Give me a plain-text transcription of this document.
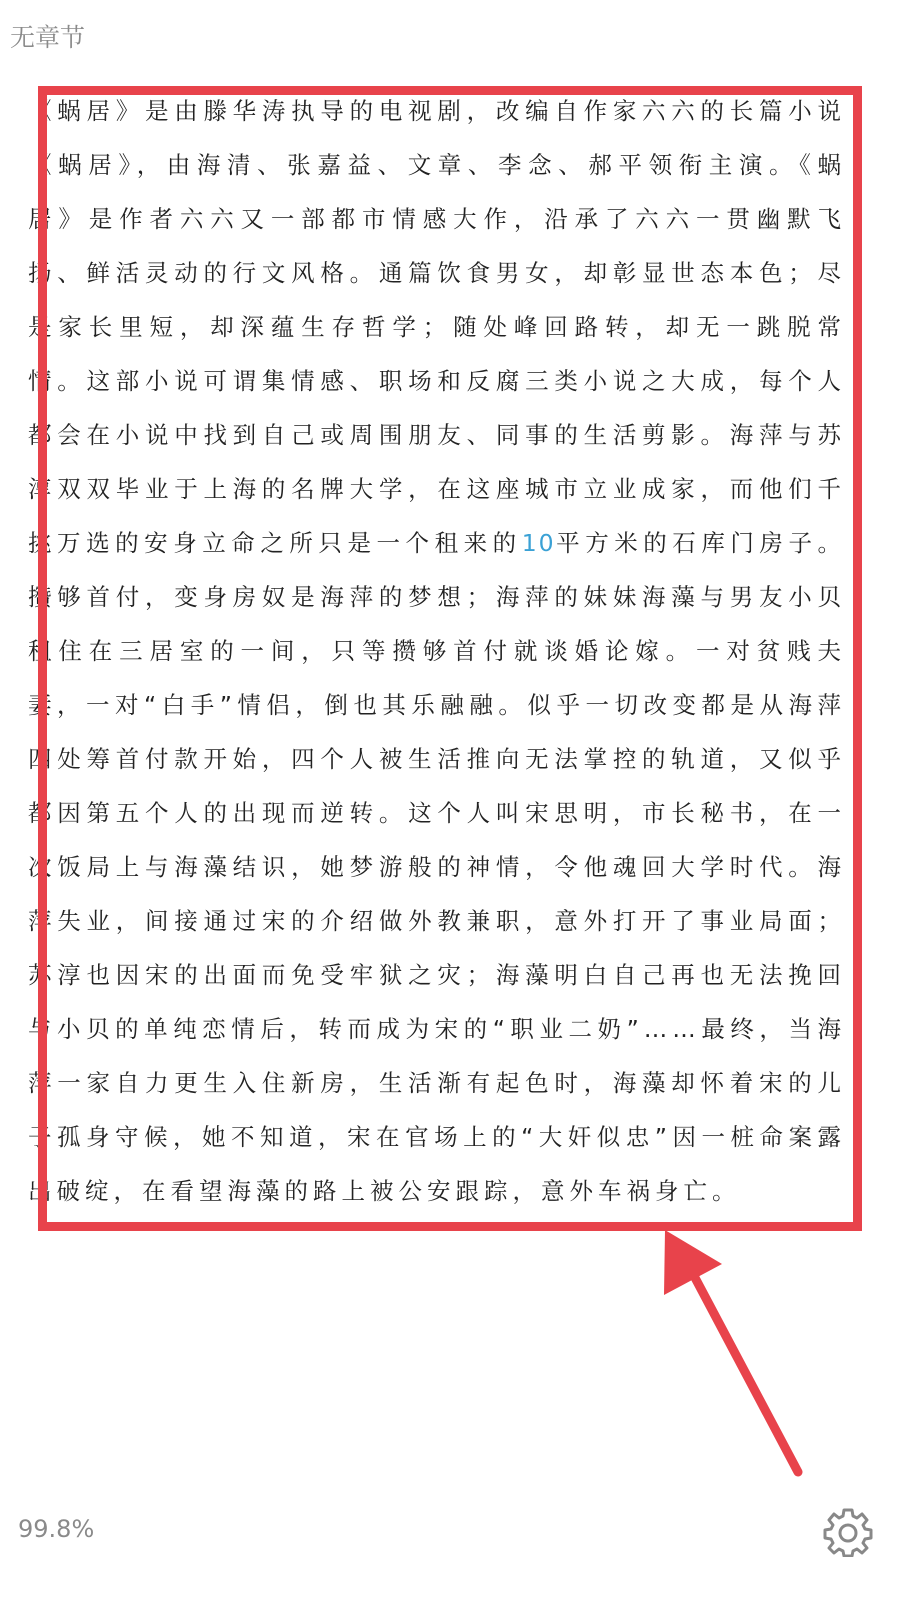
无章节

《蜗居》是由滕华涛执导的电视剧，改编自作家六六的长篇小说《蜗居》，由海清、张嘉益、文章、李念、郝平领衔主演。《蜗居》是作者六六又一部都市情感大作，沿承了六六一贯幽默飞扬、鲜活灵动的行文风格。通篇饮食男女，却彰显世态本色；尽是家长里短，却深蕴生存哲学；随处峰回路转，却无一跳脱常情。这部小说可谓集情感、职场和反腐三类小说之大成，每个人都会在小说中找到自己或周围朋友、同事的生活剪影。海萍与苏淳双双毕业于上海的名牌大学，在这座城市立业成家，而他们千挑万选的安身立命之所只是一个租来的10平方米的石库门房子。攒够首付，变身房奴是海萍的梦想；海萍的妹妹海藻与男友小贝租住在三居室的一间，只等攒够首付就谈婚论嫁。一对贫贱夫妻，一对“白手”情侣，倒也其乐融融。似乎一切改变都是从海萍四处筹首付款开始，四个人被生活推向无法掌控的轨道，又似乎都因第五个人的出现而逆转。这个人叫宋思明，市长秘书，在一次饭局上与海藻结识，她梦游般的神情，令他魂回大学时代。海萍失业，间接通过宋的介绍做外教兼职，意外打开了事业局面；苏淳也因宋的出面而免受牢狱之灾；海藻明白自己再也无法挽回与小贝的单纯恋情后，转而成为宋的“职业二奶”……最终，当海萍一家自力更生入住新房，生活渐有起色时，海藻却怀着宋的儿子孤身守候，她不知道，宋在官场上的“大奸似忠”因一桩命案露出破绽，在看望海藻的路上被公安跟踪，意外车祸身亡。

99.8%
